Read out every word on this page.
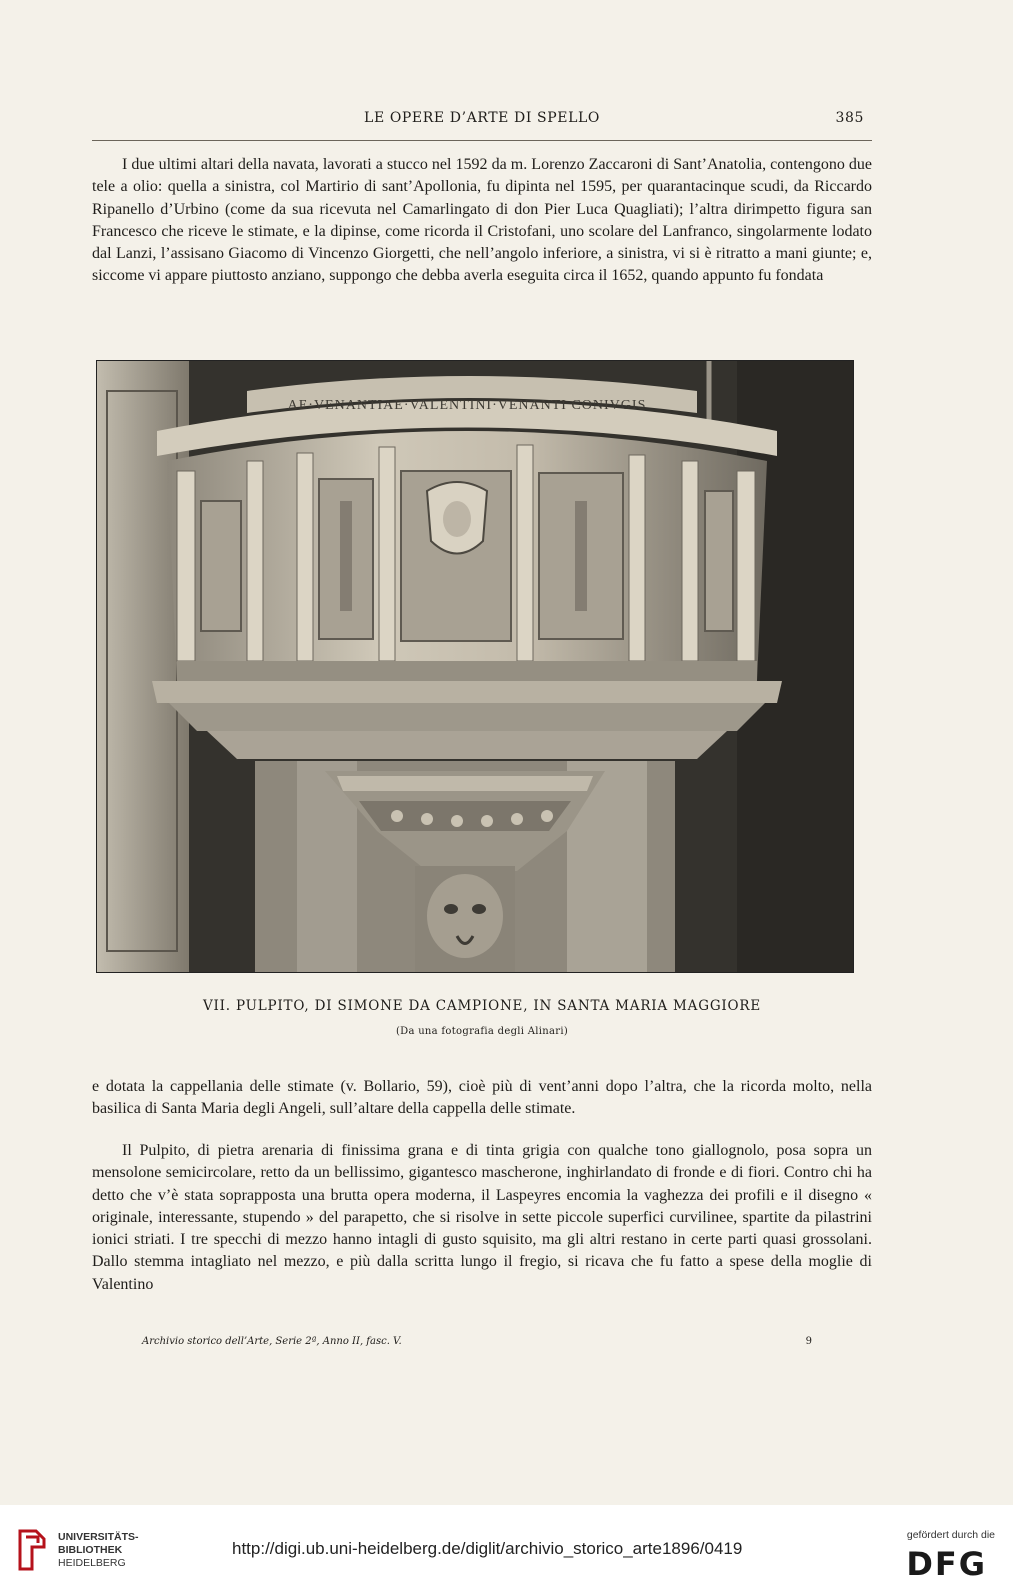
LE OPERE D’ARTE DI SPELLO	385

I due ultimi altari della navata, lavorati a stucco nel 1592 da m. Lorenzo Zaccaroni di Sant’Anatolia, contengono due tele a olio: quella a sinistra, col Martirio di sant’Apollonia, fu dipinta nel 1595, per quarantacinque scudi, da Riccardo Ripanello d’Urbino (come da sua ricevuta nel Camarlingato di don Pier Luca Quagliati); l’altra dirimpetto figura san Francesco che riceve le stimate, e la dipinse, come ricorda il Cristofani, uno scolare del Lanfranco, singolarmente lodato dal Lanzi, l’assisano Giacomo di Vincenzo Giorgetti, che nell’angolo inferiore, a sinistra, vi si è ritratto a mani giunte; e, siccome vi appare piuttosto anziano, suppongo che debba averla eseguita circa il 1652, quando appunto fu fondata

AE·VENANTIAE·VALENTINI·VENANTI CONIVGIS
VII. PULPITO, DI SIMONE DA CAMPIONE, IN SANTA MARIA MAGGIORE
(Da una fotografia degli Alinari)

e dotata la cappellania delle stimate (v. Bollario, 59), cioè più di vent’anni dopo l’altra, che la ricorda molto, nella basilica di Santa Maria degli Angeli, sull’altare della cappella delle stimate.

Il Pulpito, di pietra arenaria di finissima grana e di tinta grigia con qualche tono giallognolo, posa sopra un mensolone semicircolare, retto da un bellissimo, gigantesco mascherone, inghirlandato di fronde e di fiori. Contro chi ha detto che v’è stata soprapposta una brutta opera moderna, il Laspeyres encomia la vaghezza dei profili e il disegno « originale, interessante, stupendo » del parapetto, che si risolve in sette piccole superfici curvilinee, spartite da pilastrini ionici striati. I tre specchi di mezzo hanno intagli di gusto squisito, ma gli altri restano in certe parti quasi grossolani. Dallo stemma intagliato nel mezzo, e più dalla scritta lungo il fregio, si ricava che fu fatto a spese della moglie di Valentino

Archivio storico dell’Arte, Serie 2ª, Anno II, fasc. V.	9
UNIVERSITÄTS-
BIBLIOTHEK
HEIDELBERG
http://digi.ub.uni-heidelberg.de/diglit/archivio_storico_arte1896/0419
gefördert durch die
DFG
